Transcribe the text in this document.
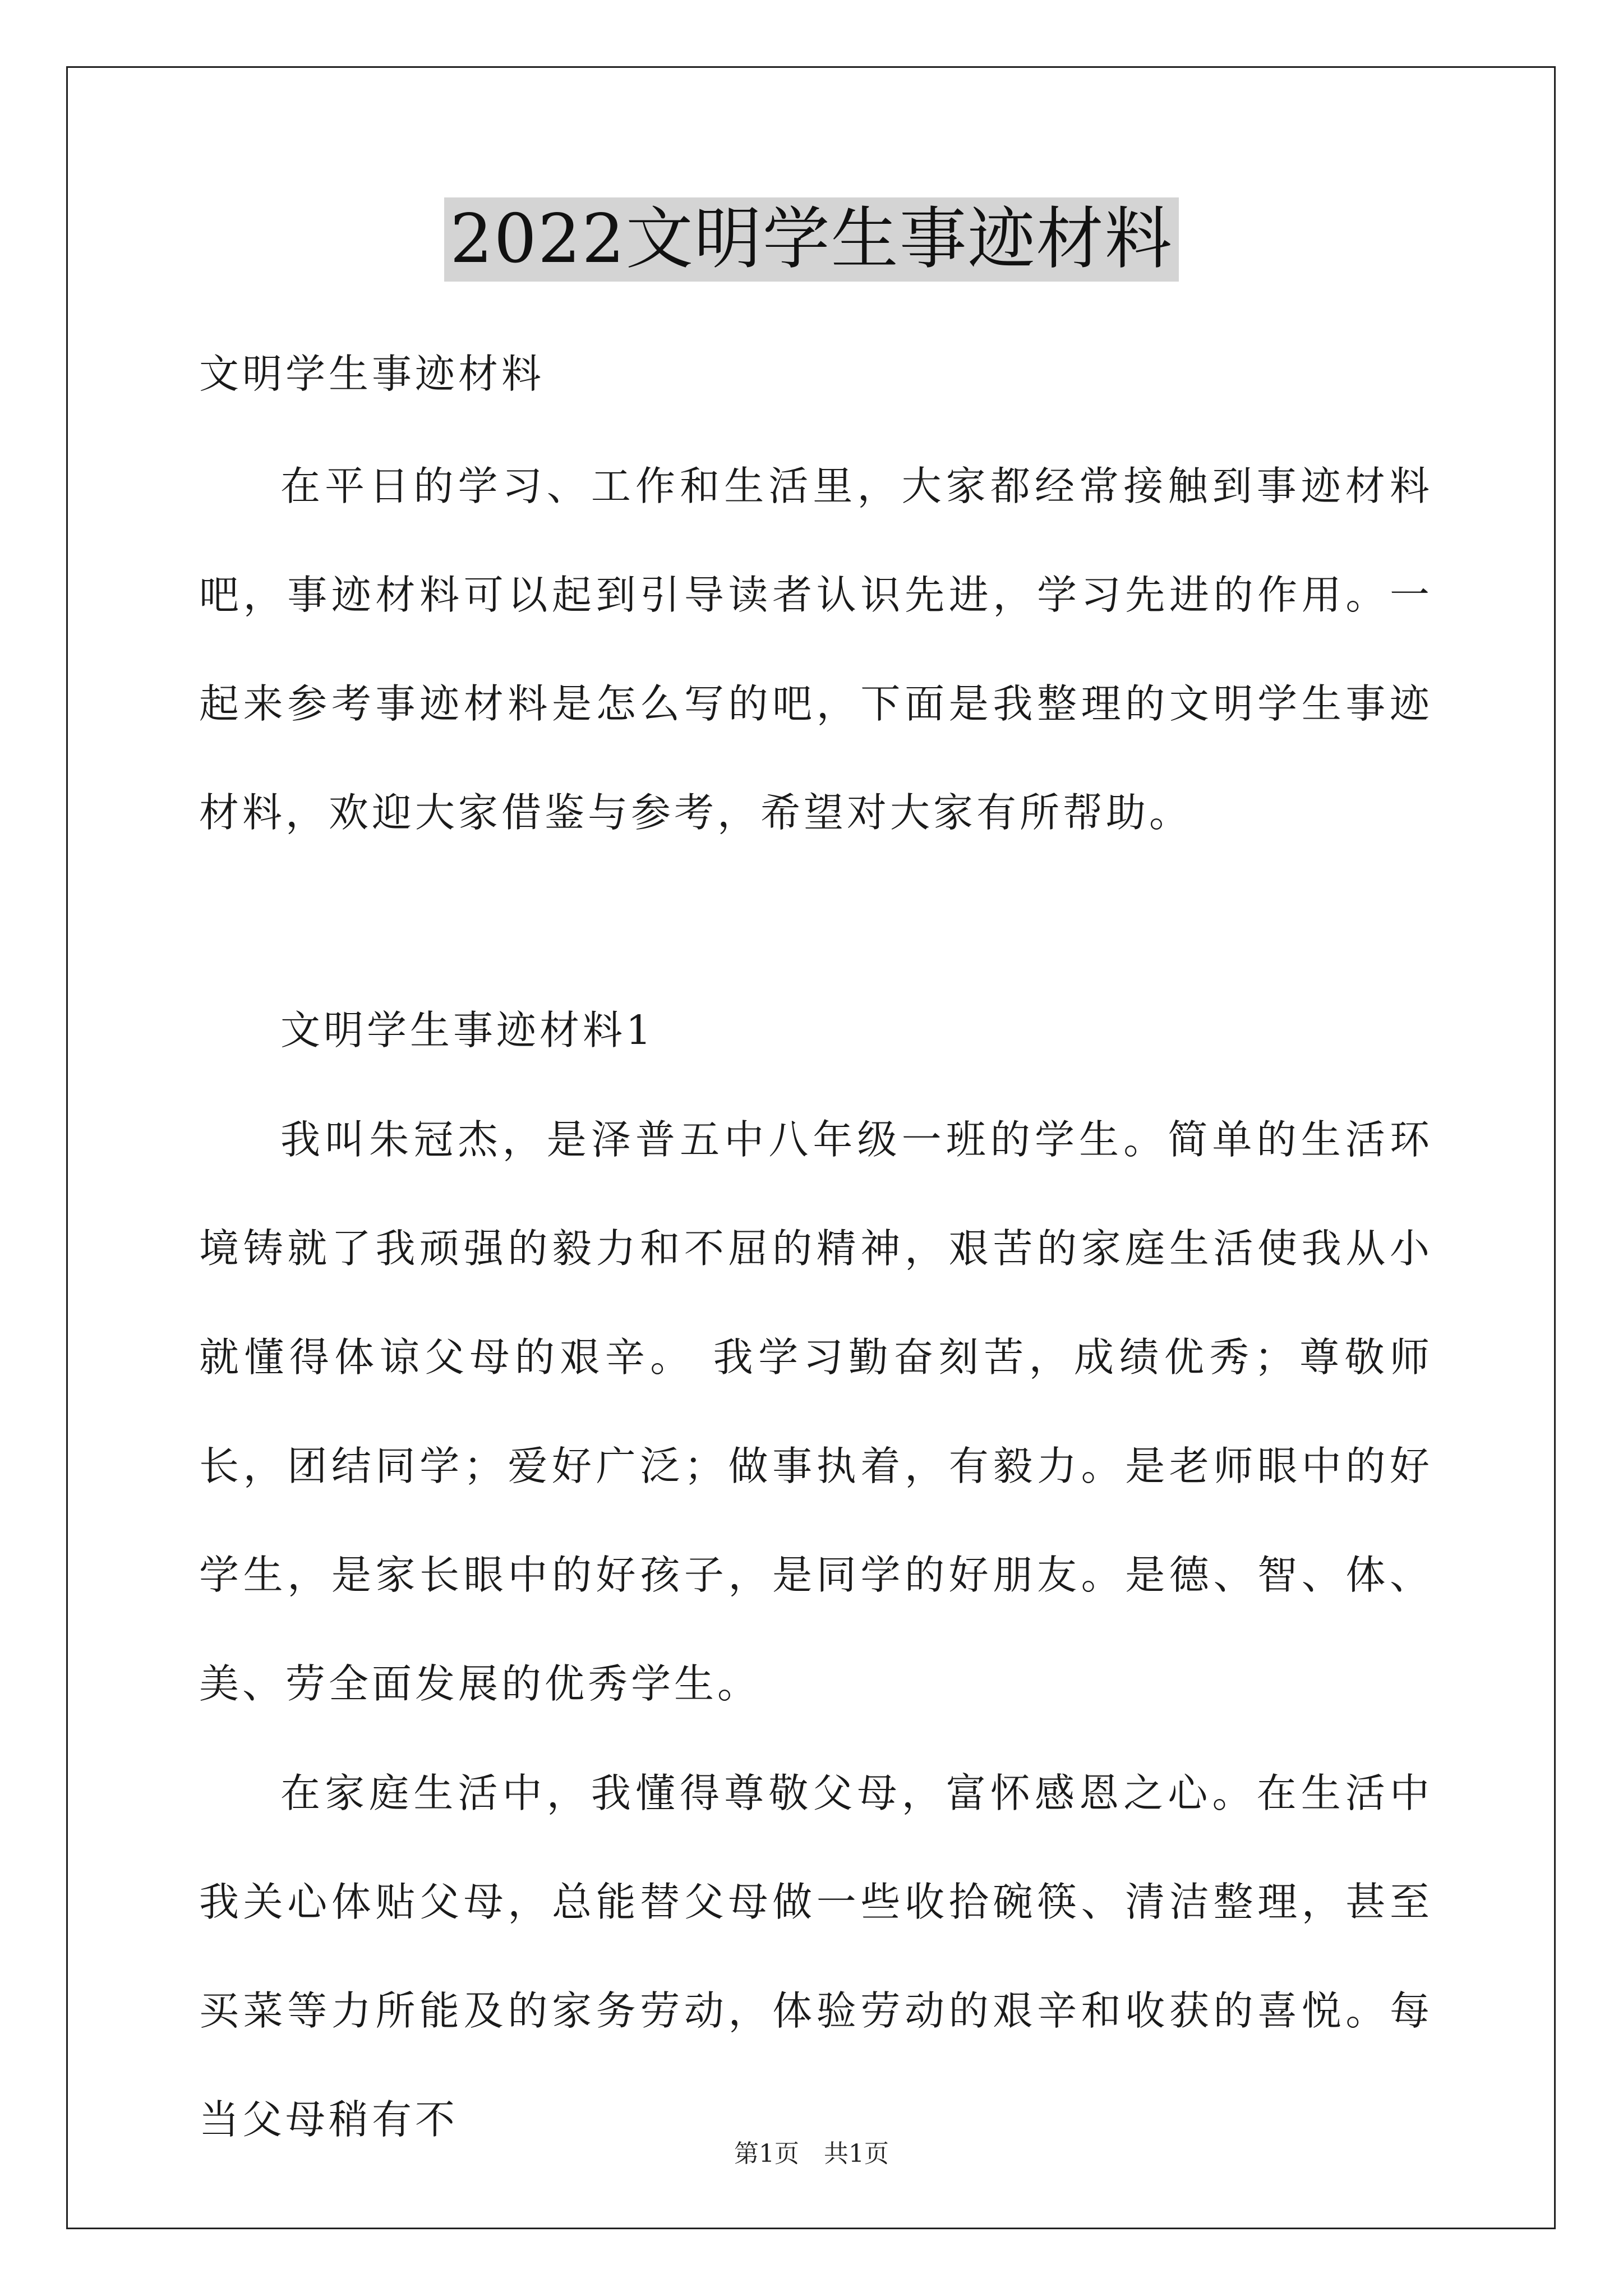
2022文明学生事迹材料

文明学生事迹材料

在平日的学习、工作和生活里，大家都经常接触到事迹材料吧，事迹材料可以起到引导读者认识先进，学习先进的作用。一起来参考事迹材料是怎么写的吧，下面是我整理的文明学生事迹材料，欢迎大家借鉴与参考，希望对大家有所帮助。

文明学生事迹材料1

我叫朱冠杰，是泽普五中八年级一班的学生。简单的生活环境铸就了我顽强的毅力和不屈的精神，艰苦的家庭生活使我从小就懂得体谅父母的艰辛。 我学习勤奋刻苦，成绩优秀；尊敬师长，团结同学；爱好广泛；做事执着，有毅力。是老师眼中的好学生，是家长眼中的好孩子，是同学的好朋友。是德、智、体、美、劳全面发展的优秀学生。

在家庭生活中，我懂得尊敬父母，富怀感恩之心。在生活中我关心体贴父母，总能替父母做一些收拾碗筷、清洁整理，甚至买菜等力所能及的家务劳动，体验劳动的艰辛和收获的喜悦。每当父母稍有不

第1页　共1页
